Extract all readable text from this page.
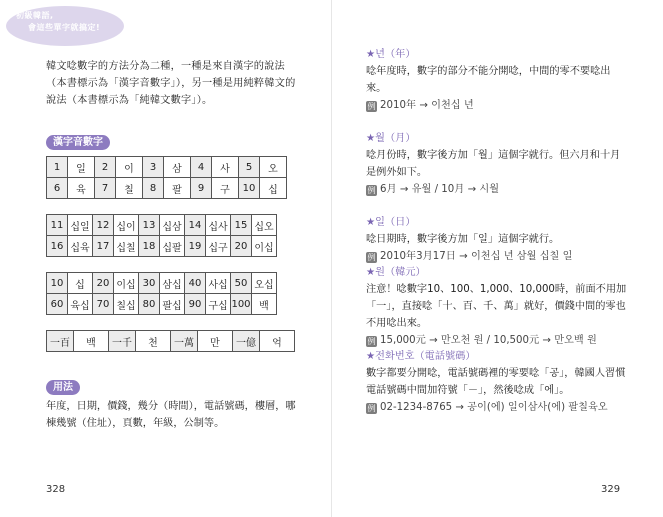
初級韓語,
會這些單字就搞定!
韓文唸數字的方法分為二種，一種是來自漢字的說法（本書標示為「漢字音數字」），另一種是用純粹韓文的說法（本書標示為「純韓文數字」）。
漢字音數字
1	일	2	이	3	삼	4	사	5	오
6	육	7	칠	8	팔	9	구	10	십
11	십일	12	십이	13	십삼	14	십사	15	십오
16	십육	17	십칠	18	십팔	19	십구	20	이십
10	십	20	이십	30	삼십	40	사십	50	오십
60	육십	70	칠십	80	팔십	90	구십	100	백
一百	백	一千	천	一萬	만	一億	억
用法
年度，日期，價錢，幾分（時間），電話號碼，樓層，哪棟幾號（住址），頁數，年級，公制等。
328
★년（年）
唸年度時，數字的部分不能分開唸，中間的零不要唸出來。
例 2010年 → 이천십 년
★월（月）
唸月份時，數字後方加「월」這個字就行。但六月和十月是例外如下。
例 6月 → 유월 / 10月 → 시월
★일（日）
唸日期時，數字後方加「일」這個字就行。
例 2010年3月17日 → 이천십 년 삼월 십칠 일
★원（韓元）
注意！唸數字10、100、1,000、10,000時，前面不用加「一」，直接唸「十、百、千、萬」就好，價錢中間的零也不用唸出來。
例 15,000元 → 만오천 원 / 10,500元 → 만오백 원
★전화번호（電話號碼）
數字都要分開唸，電話號碼裡的零要唸「공」，韓國人習慣電話號碼中間加符號「－」，然後唸成「에」。
例 02-1234-8765 → 공이(에) 일이삼사(에) 팔칠육오
329
